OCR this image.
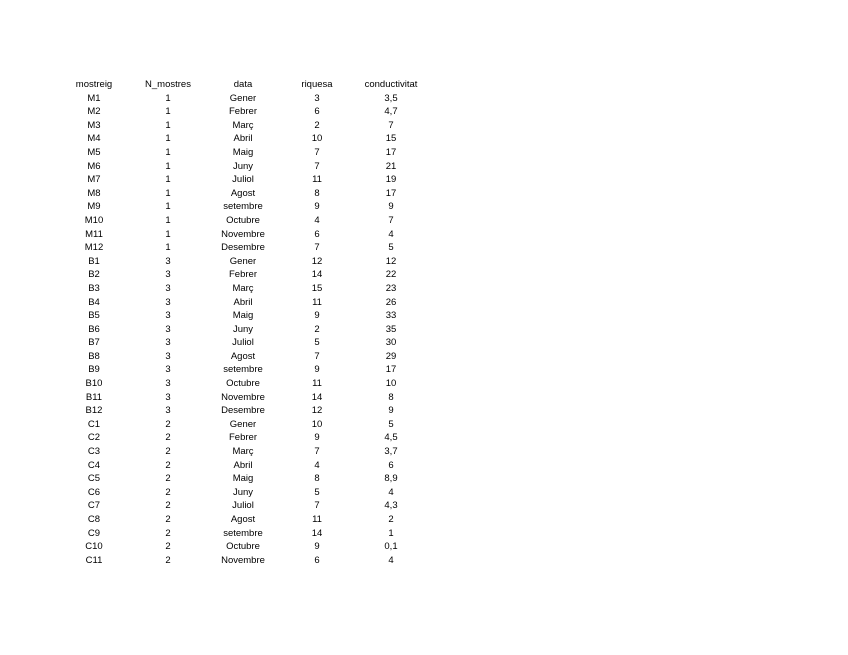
mostreig	N_mostres	data	riquesa	conductivitat
M1	1	Gener	3	3,5
M2	1	Febrer	6	4,7
M3	1	Març	2	7
M4	1	Abril	10	15
M5	1	Maig	7	17
M6	1	Juny	7	21
M7	1	Juliol	11	19
M8	1	Agost	8	17
M9	1	setembre	9	9
M10	1	Octubre	4	7
M11	1	Novembre	6	4
M12	1	Desembre	7	5
B1	3	Gener	12	12
B2	3	Febrer	14	22
B3	3	Març	15	23
B4	3	Abril	11	26
B5	3	Maig	9	33
B6	3	Juny	2	35
B7	3	Juliol	5	30
B8	3	Agost	7	29
B9	3	setembre	9	17
B10	3	Octubre	11	10
B11	3	Novembre	14	8
B12	3	Desembre	12	9
C1	2	Gener	10	5
C2	2	Febrer	9	4,5
C3	2	Març	7	3,7
C4	2	Abril	4	6
C5	2	Maig	8	8,9
C6	2	Juny	5	4
C7	2	Juliol	7	4,3
C8	2	Agost	11	2
C9	2	setembre	14	1
C10	2	Octubre	9	0,1
C11	2	Novembre	6	4
